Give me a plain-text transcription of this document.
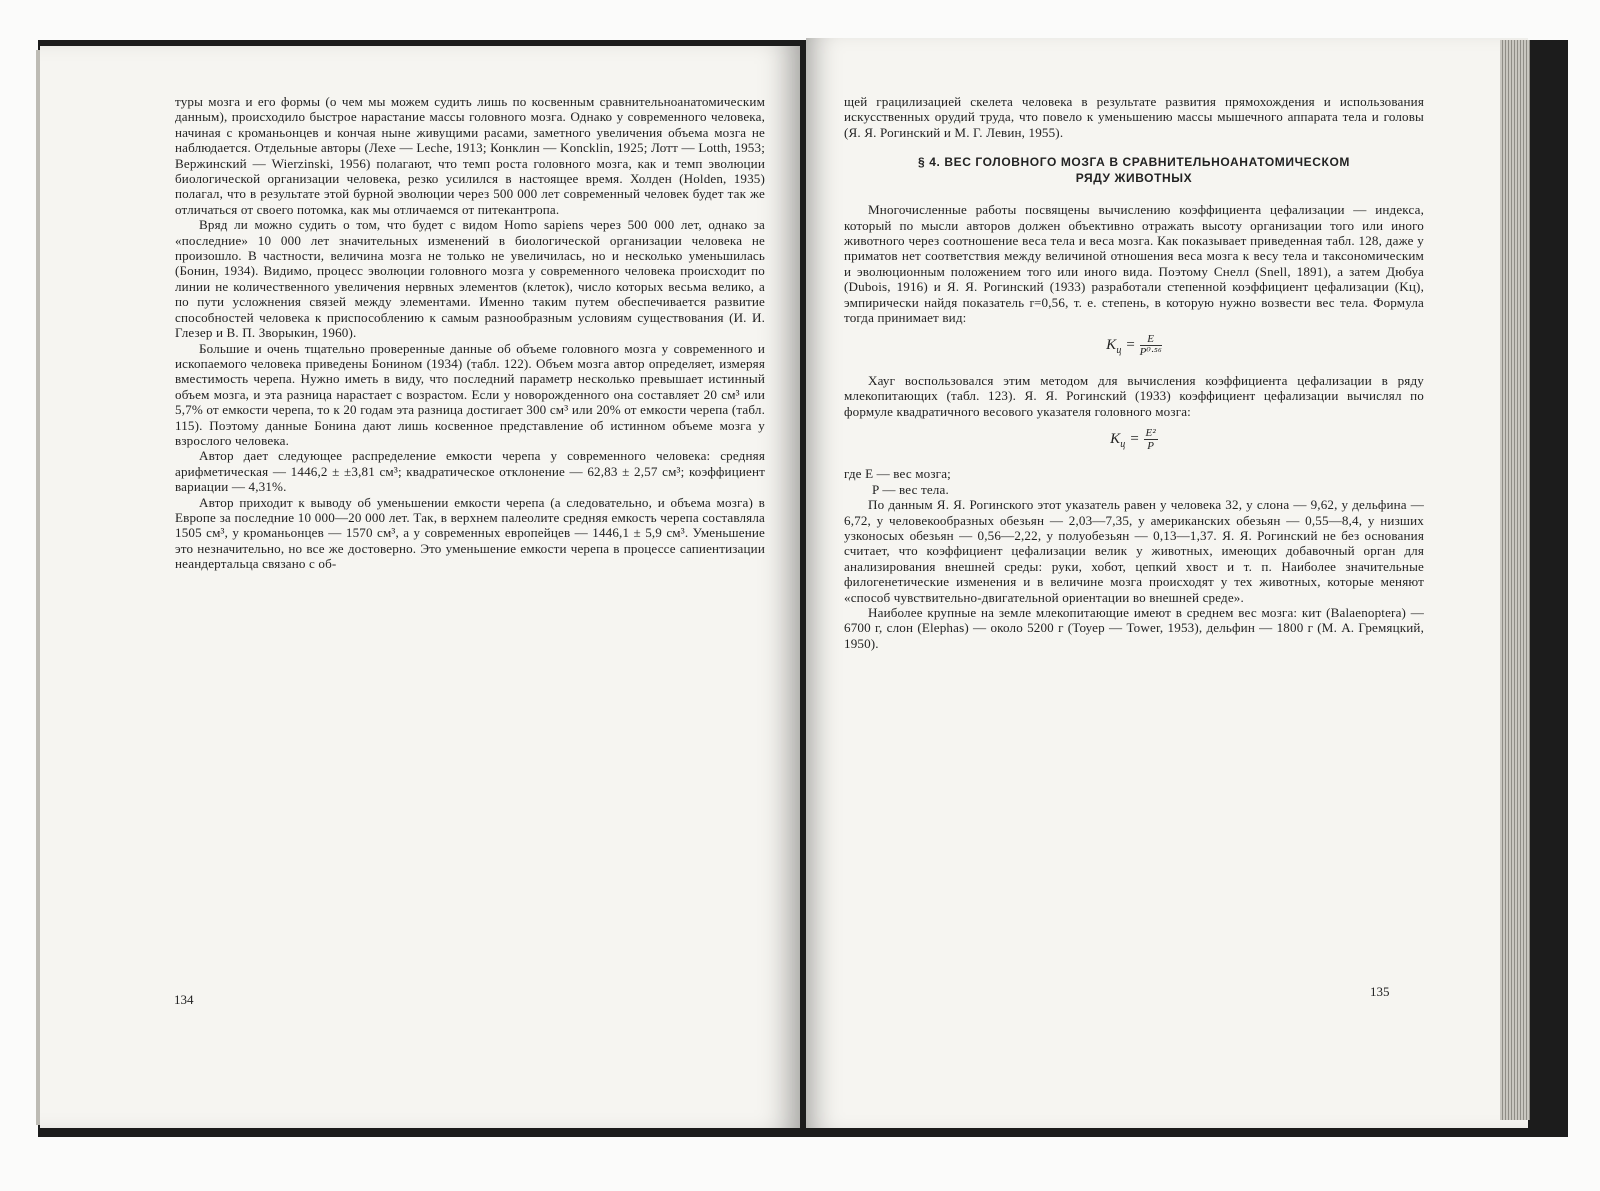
туры мозга и его формы (о чем мы можем судить лишь по косвенным сравнительноанатомическим данным), происходило быстрое нарастание массы головного мозга. Однако у современного человека, начиная с кроманьонцев и кончая ныне живущими расами, заметного увеличения объема мозга не наблюдается. Отдельные авторы (Лехе — Leche, 1913; Конклин — Koncklin, 1925; Лотт — Lotth, 1953; Вержинский — Wierzinski, 1956) полагают, что темп роста головного мозга, как и темп эволюции биологической организации человека, резко усилился в настоящее время. Холден (Holden, 1935) полагал, что в результате этой бурной эволюции через 500 000 лет современный человек будет так же отличаться от своего потомка, как мы отличаемся от питекантропа.

Вряд ли можно судить о том, что будет с видом Homo sapiens через 500 000 лет, однако за «последние» 10 000 лет значительных изменений в биологической организации человека не произошло. В частности, величина мозга не только не увеличилась, но и несколько уменьшилась (Бонин, 1934). Видимо, процесс эволюции головного мозга у современного человека происходит по линии не количественного увеличения нервных элементов (клеток), число которых весьма велико, а по пути усложнения связей между элементами. Именно таким путем обеспечивается развитие способностей человека к приспособлению к самым разнообразным условиям существования (И. И. Глезер и В. П. Зворыкин, 1960).

Большие и очень тщательно проверенные данные об объеме головного мозга у современного и ископаемого человека приведены Бонином (1934) (табл. 122). Объем мозга автор определяет, измеряя вместимость черепа. Нужно иметь в виду, что последний параметр несколько превышает истинный объем мозга, и эта разница нарастает с возрастом. Если у новорожденного она составляет 20 см³ или 5,7% от емкости черепа, то к 20 годам эта разница достигает 300 см³ или 20% от емкости черепа (табл. 115). Поэтому данные Бонина дают лишь косвенное представление об истинном объеме мозга у взрослого человека.

Автор дает следующее распределение емкости черепа у современного человека: средняя арифметическая — 1446,2 ± ±3,81 см³; квадратическое отклонение — 62,83 ± 2,57 см³; коэффициент вариации — 4,31%.

Автор приходит к выводу об уменьшении емкости черепа (а следовательно, и объема мозга) в Европе за последние 10 000—20 000 лет. Так, в верхнем палеолите средняя емкость черепа составляла 1505 см³, у кроманьонцев — 1570 см³, а у современных европейцев — 1446,1 ± 5,9 см³. Уменьшение это незначительно, но все же достоверно. Это уменьшение емкости черепа в процессе сапиентизации неандертальца связано с об-

134

щей грацилизацией скелета человека в результате развития прямохождения и использования искусственных орудий труда, что повело к уменьшению массы мышечного аппарата тела и головы (Я. Я. Рогинский и М. Г. Левин, 1955).

§ 4. ВЕС ГОЛОВНОГО МОЗГА В СРАВНИТЕЛЬНОАНАТОМИЧЕСКОМ
РЯДУ ЖИВОТНЫХ

Многочисленные работы посвящены вычислению коэффициента цефализации — индекса, который по мысли авторов должен объективно отражать высоту организации того или иного животного через соотношение веса тела и веса мозга. Как показывает приведенная табл. 128, даже у приматов нет соответствия между величиной отношения веса мозга к весу тела и таксономическим и эволюционным положением того или иного вида. Поэтому Снелл (Snell, 1891), а затем Дюбуа (Dubois, 1916) и Я. Я. Рогинский (1933) разработали степенной коэффициент цефализации (Kц), эмпирически найдя показатель r=0,56, т. е. степень, в которую нужно возвести вес тела. Формула тогда принимает вид:

$K_ц = \frac{E}{\text{P⁰·⁵⁶}}$

Хауг воспользовался этим методом для вычисления коэффициента цефализации в ряду млекопитающих (табл. 123). Я. Я. Рогинский (1933) коэффициент цефализации вычислял по формуле квадратичного весового указателя головного мозга:

$K_ц = \frac{\text{E²}}{P}$
где E — вес мозга;
P — вес тела.

По данным Я. Я. Рогинского этот указатель равен у человека 32, у слона — 9,62, у дельфина — 6,72, у человекообразных обезьян — 2,03—7,35, у американских обезьян — 0,55—8,4, у низших узконосых обезьян — 0,56—2,22, у полуобезьян — 0,13—1,37. Я. Я. Рогинский не без основания считает, что коэффициент цефализации велик у животных, имеющих добавочный орган для анализирования внешней среды: руки, хобот, цепкий хвост и т. п. Наиболее значительные филогенетические изменения и в величине мозга происходят у тех животных, которые меняют «способ чувствительно-двигательной ориентации во внешней среде».

Наиболее крупные на земле млекопитающие имеют в среднем вес мозга: кит (Balaenoptera) — 6700 г, слон (Elephas) — около 5200 г (Тоуер — Tower, 1953), дельфин — 1800 г (М. А. Гремяцкий, 1950).

135
